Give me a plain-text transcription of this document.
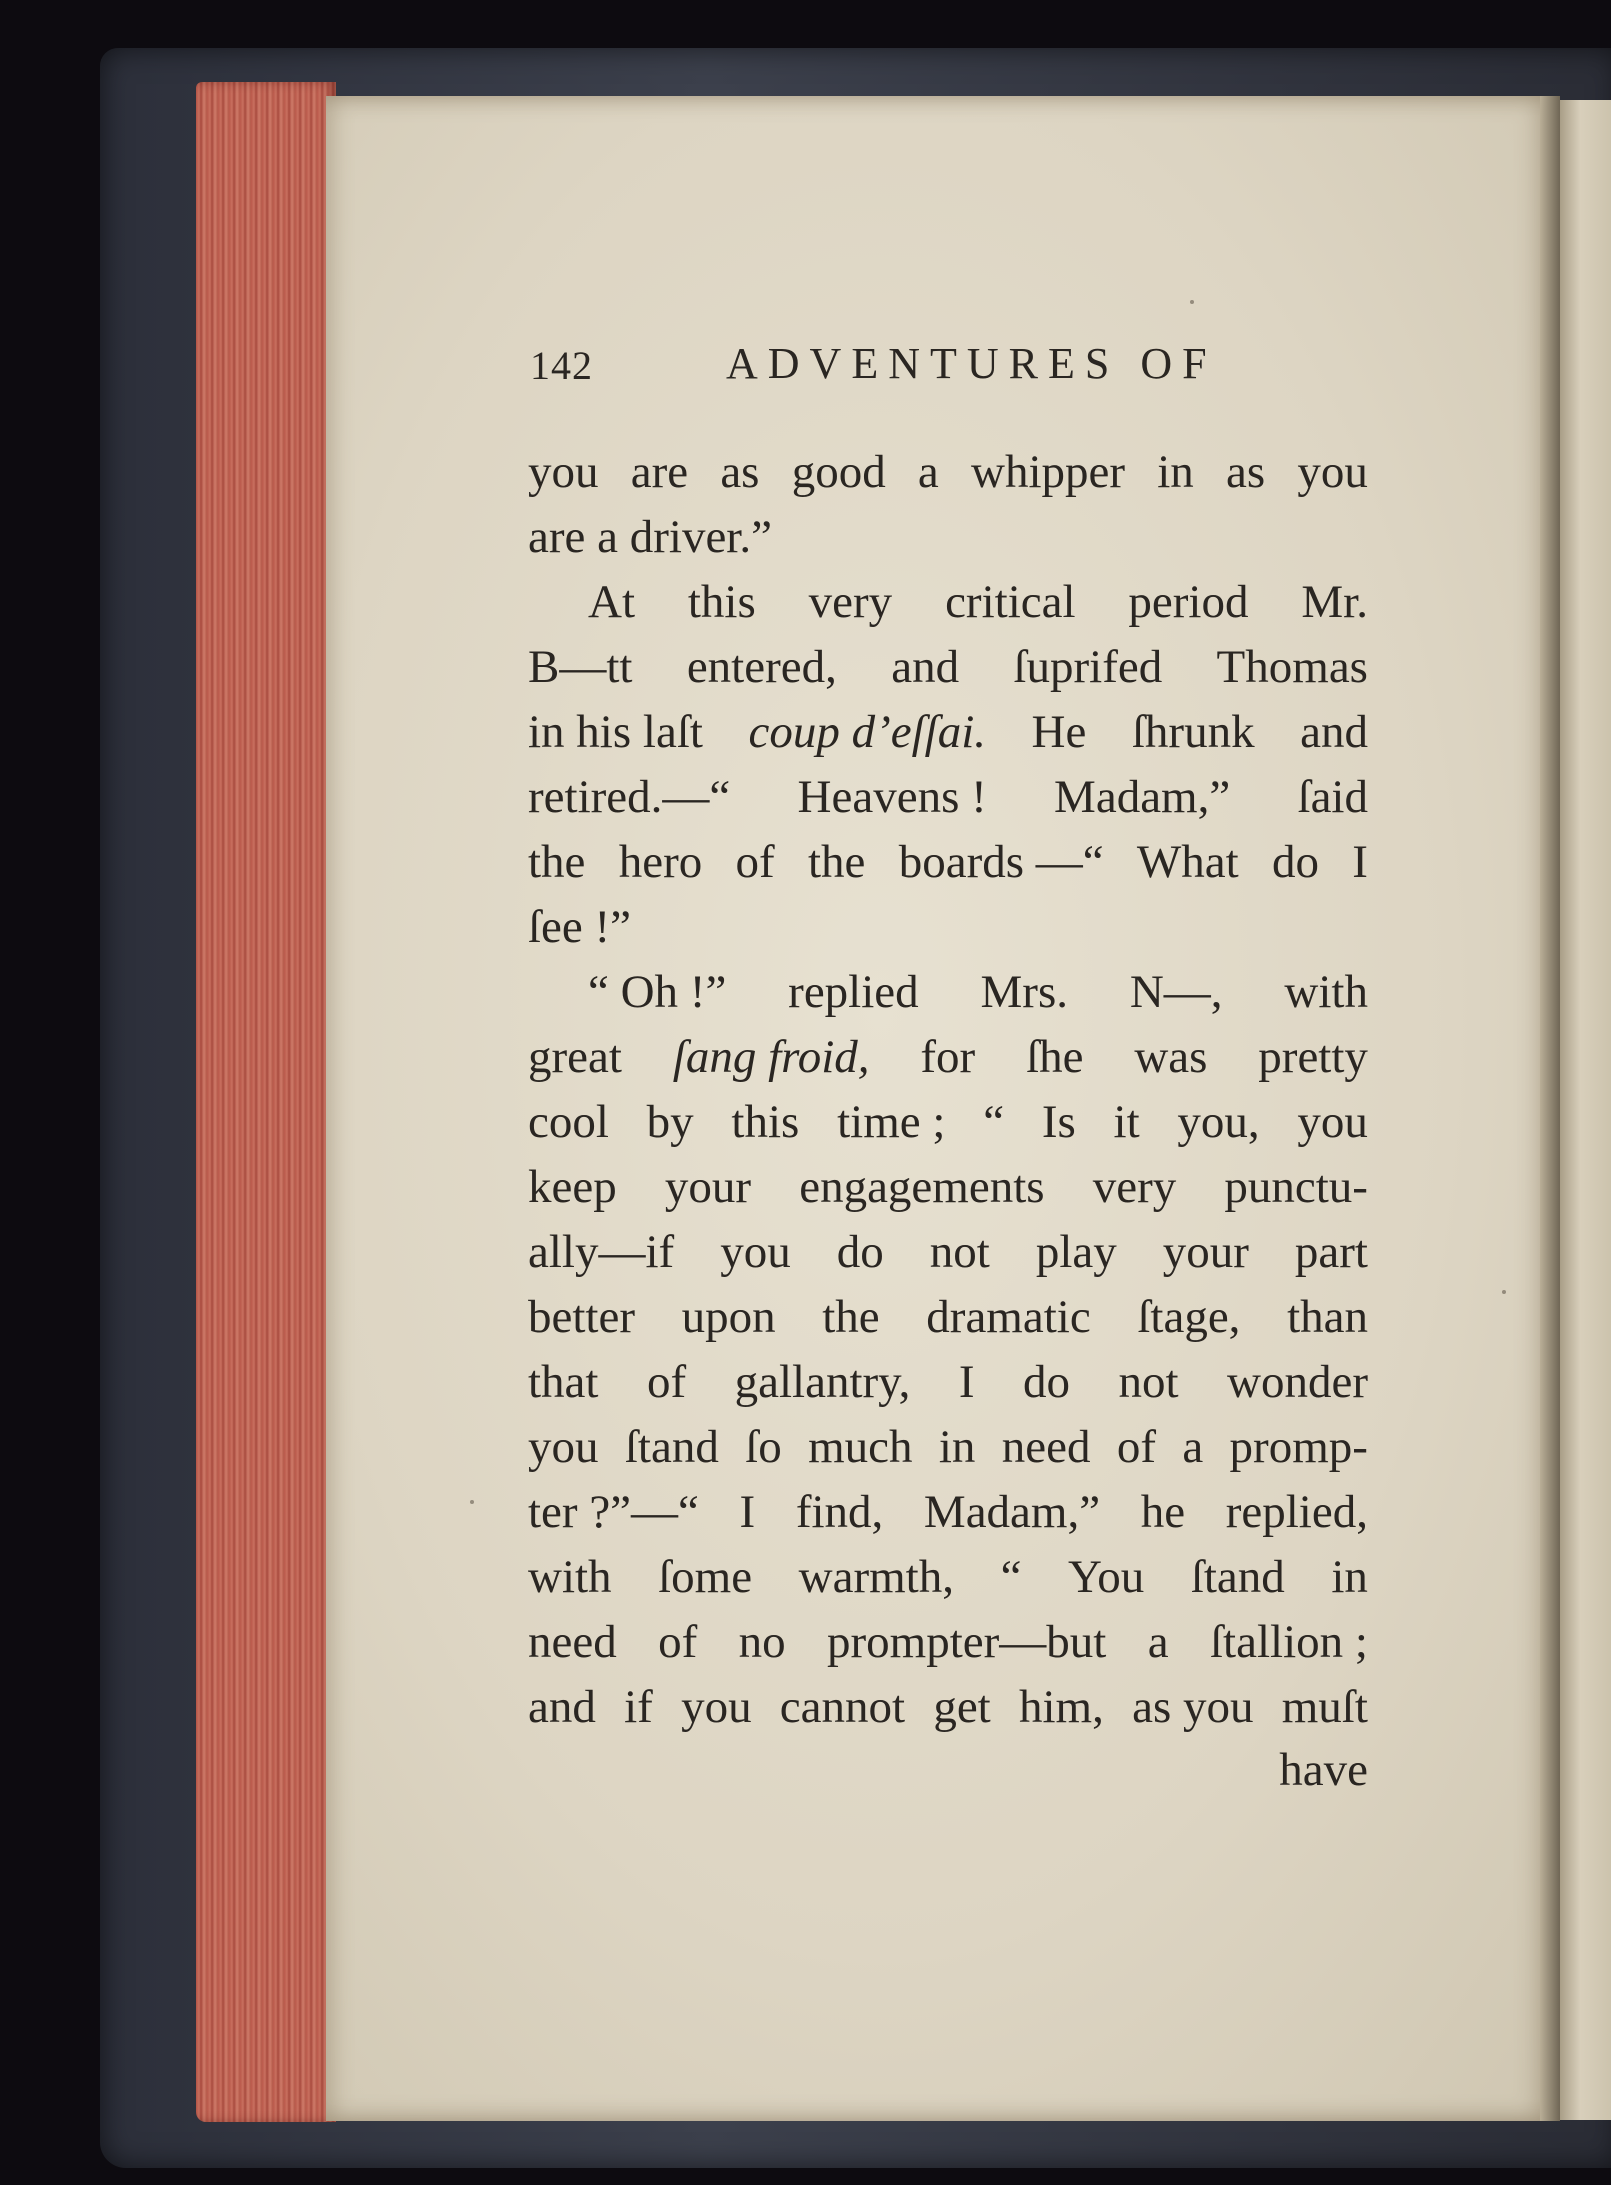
142	ADVENTURES OF
you are as good a whipper in as you
are a driver.”
At this very critical period Mr.
B—tt entered, and ſuprifed Thomas
in his laſt coup d’eſſai. He ſhrunk and
retired.—“ Heavens ! Madam,” ſaid
the hero of the boards —“ What do I
ſee !”
“ Oh !” replied Mrs. N—, with
great ſang froid, for ſhe was pretty
cool by this time ; “ Is it you, you
keep your engagements very punctu-
ally—if you do not play your part
better upon the dramatic ſtage, than
that of gallantry, I do not wonder
you ſtand ſo much in need of a promp-
ter ?”—“ I find, Madam,” he replied,
with ſome warmth, “ You ſtand in
need of no prompter—but a ſtallion ;
and if you cannot get him, as you muſt
have
